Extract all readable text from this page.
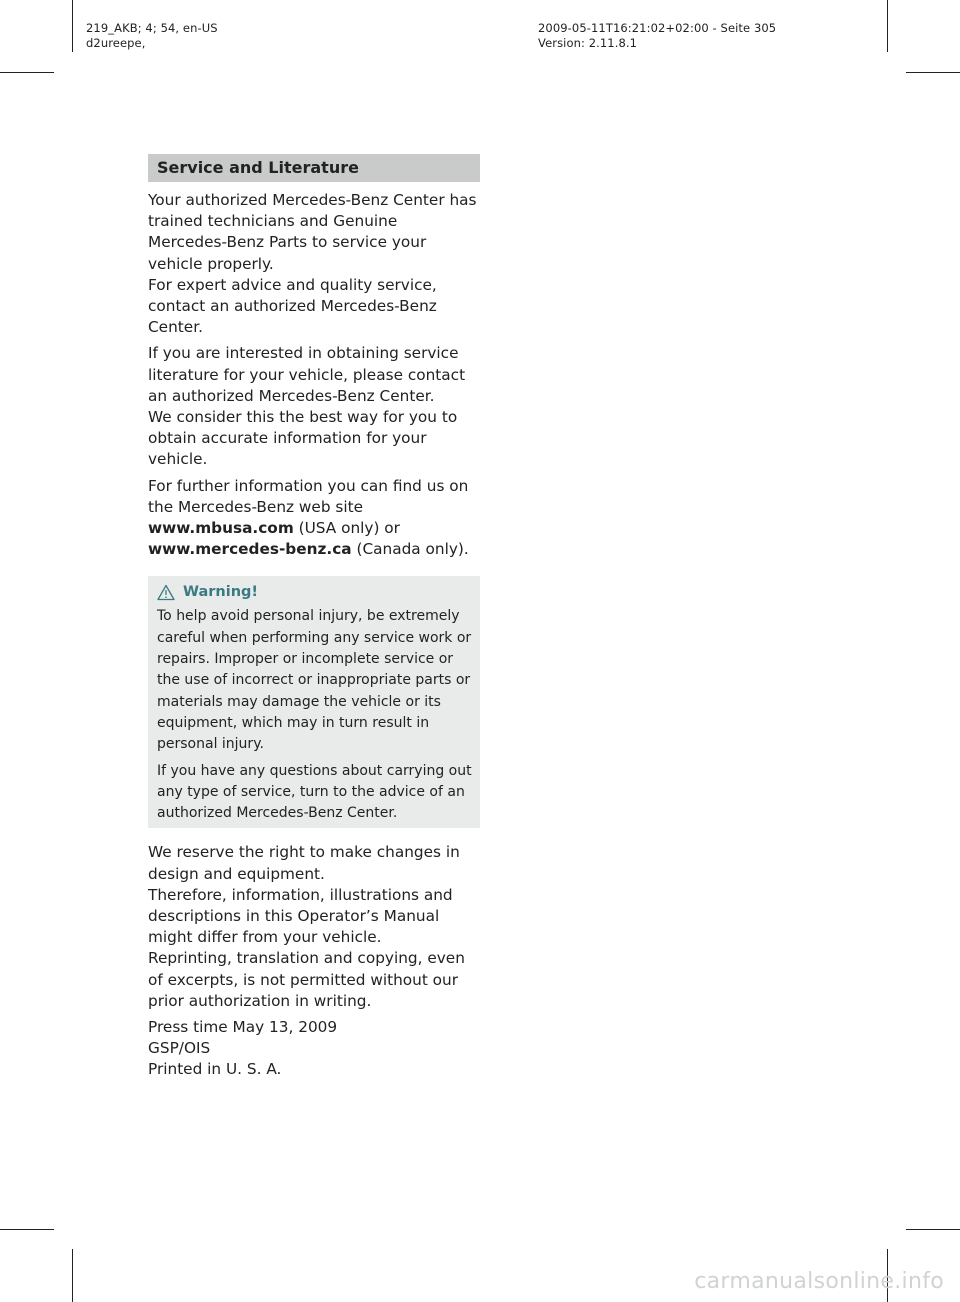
219_AKB; 4; 54, en-US
d2ureepe,
2009-05-11T16:21:02+02:00 - Seite 305
Version: 2.11.8.1
Service and Literature
Your authorized Mercedes-Benz Center has trained technicians and Genuine Mercedes-Benz Parts to service your vehicle properly.
For expert advice and quality service, contact an authorized Mercedes-Benz Center.
If you are interested in obtaining service literature for your vehicle, please contact an authorized Mercedes-Benz Center.
We consider this the best way for you to obtain accurate information for your vehicle.
For further information you can find us on the Mercedes-Benz web site www.mbusa.com (USA only) or www.mercedes-benz.ca (Canada only).
Warning!
To help avoid personal injury, be extremely careful when performing any service work or repairs. Improper or incomplete service or the use of incorrect or inappropriate parts or materials may damage the vehicle or its equipment, which may in turn result in personal injury.
If you have any questions about carrying out any type of service, turn to the advice of an authorized Mercedes-Benz Center.
We reserve the right to make changes in design and equipment.
Therefore, information, illustrations and descriptions in this Operator’s Manual might differ from your vehicle.
Reprinting, translation and copying, even of excerpts, is not permitted without our prior authorization in writing.
Press time May 13, 2009
GSP/OIS
Printed in U. S. A.
carmanualsonline.info
